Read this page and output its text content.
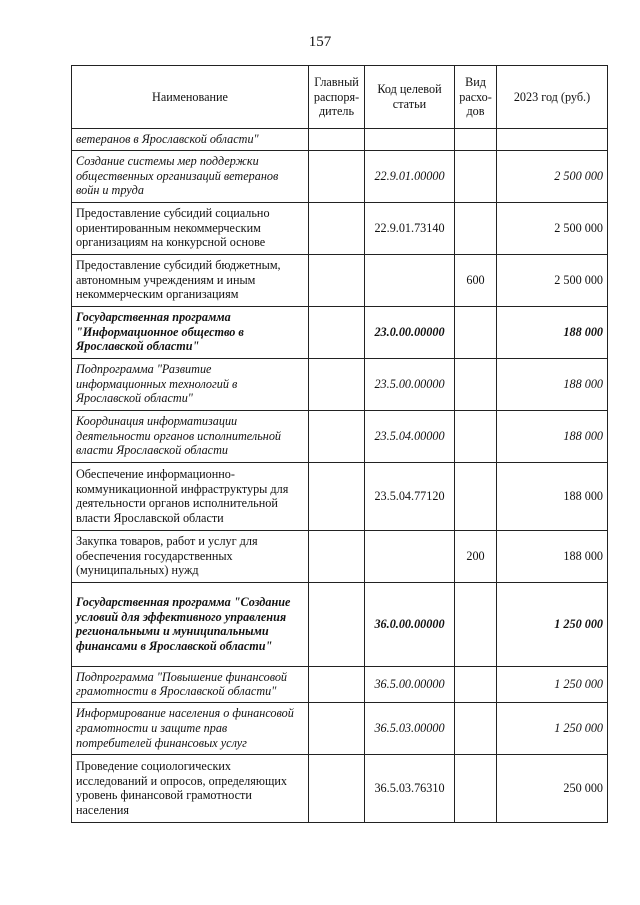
157
Наименование	Главный распоря-дитель	Код целевой статьи	Вид расхо-дов	2023 год (руб.)
ветеранов в Ярославской области"				
Создание системы мер поддержки общественных организаций ветеранов войн и труда		22.9.01.00000		2 500 000
Предоставление субсидий социально ориентированным некоммерческим организациям на конкурсной основе		22.9.01.73140		2 500 000
Предоставление субсидий бюджетным, автономным учреждениям и иным некоммерческим организациям			600	2 500 000
Государственная программа "Информационное общество в Ярославской области"		23.0.00.00000		188 000
Подпрограмма "Развитие информационных технологий в Ярославской области"		23.5.00.00000		188 000
Координация информатизации деятельности органов исполнительной власти Ярославской области		23.5.04.00000		188 000
Обеспечение информационно-коммуникационной инфраструктуры для деятельности органов исполнительной власти Ярославской области		23.5.04.77120		188 000
Закупка товаров, работ и услуг для обеспечения государственных (муниципальных) нужд			200	188 000
Государственная программа "Создание условий для эффективного управления региональными и муниципальными финансами в Ярославской области"		36.0.00.00000		1 250 000
Подпрограмма "Повышение финансовой грамотности в Ярославской области"		36.5.00.00000		1 250 000
Информирование населения о финансовой грамотности и защите прав потребителей финансовых услуг		36.5.03.00000		1 250 000
Проведение социологических исследований и опросов, определяющих уровень финансовой грамотности населения		36.5.03.76310		250 000
